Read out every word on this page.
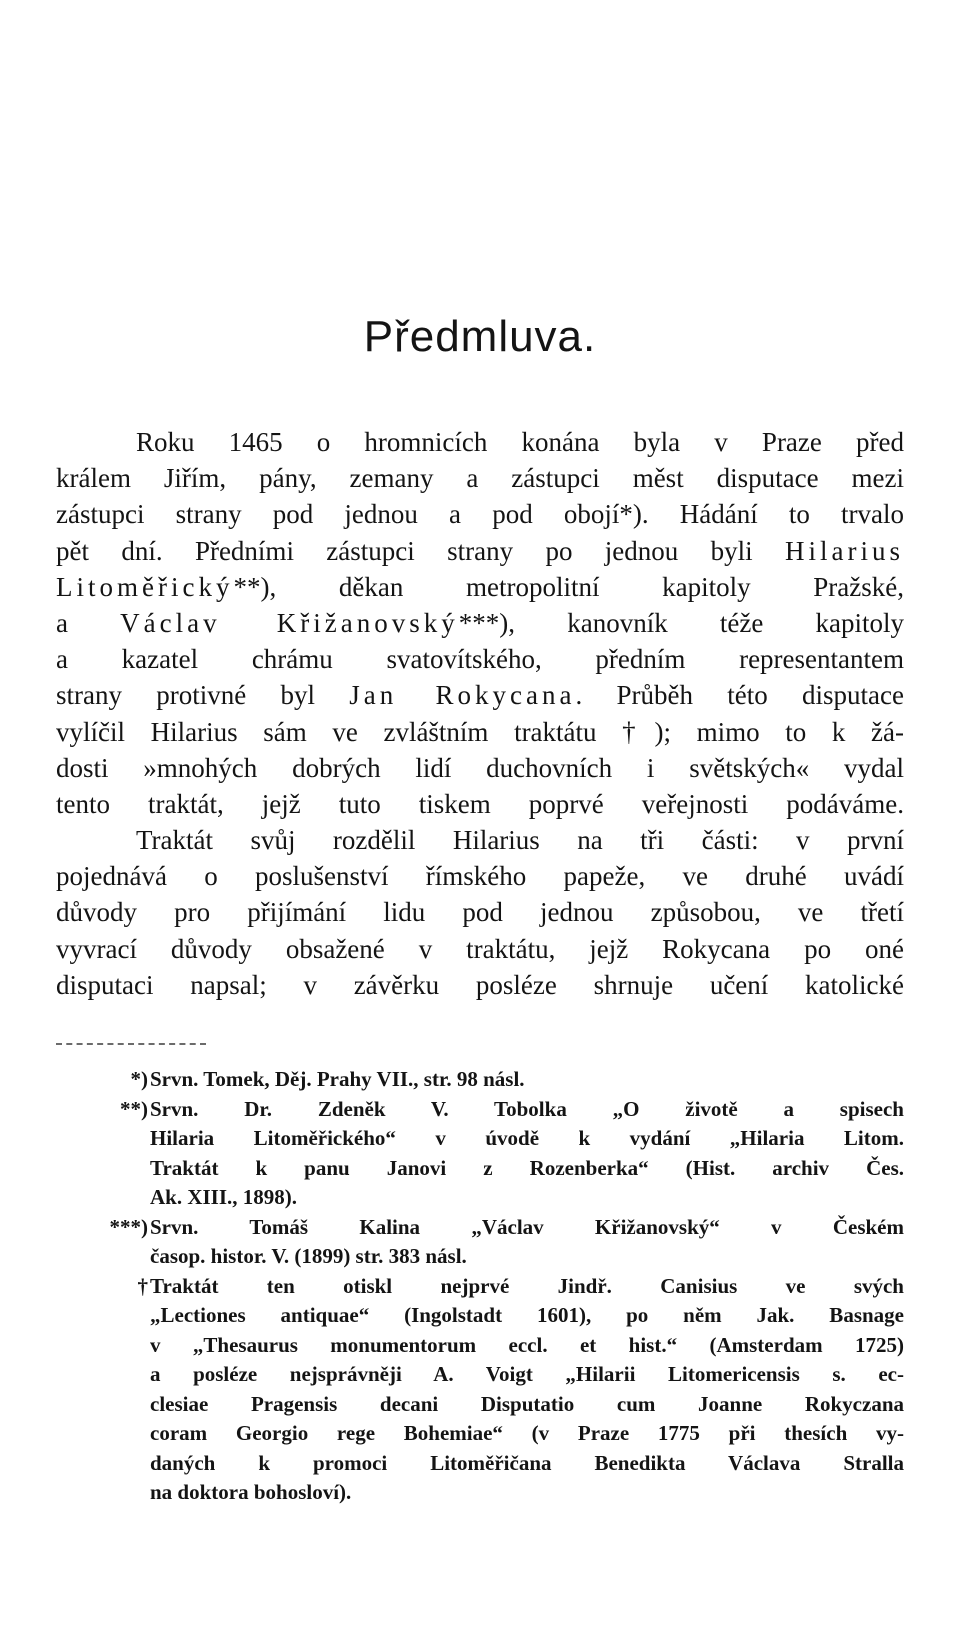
Předmluva.
Roku 1465 o hromnicích konána byla v Praze před
králem Jiřím, pány, zemany a zástupci měst disputace mezi
zástupci strany pod jednou a pod obojí*). Hádání to trvalo
pět dní. Předními zástupci strany po jednou byli Hilarius
Litoměřický**), děkan metropolitní kapitoly Pražské,
a Václav Křižanovský***), kanovník téže kapitoly
a kazatel chrámu svatovítského, předním representantem
strany protivné byl Jan Rokycana. Průběh této disputace
vylíčil Hilarius sám ve zvláštním traktátu †); mimo to k žá-
dosti »mnohých dobrých lidí duchovních i světských« vydal
tento traktát, jejž tuto tiskem poprvé veřejnosti podáváme.
Traktát svůj rozdělil Hilarius na tři části: v první
pojednává o poslušenství římského papeže, ve druhé uvádí
důvody pro přijímání lidu pod jednou způsobou, ve třetí
vyvrací důvody obsažené v traktátu, jejž Rokycana po oné
disputaci napsal; v závěrku posléze shrnuje učení katolické
*) Srvn. Tomek, Děj. Prahy VII., str. 98 násl.
**) Srvn. Dr. Zdeněk V. Tobolka „O životě a spisech
Hilaria Litoměřického“ v úvodě k vydání „Hilaria Litom.
Traktát k panu Janovi z Rozenberka“ (Hist. archiv Čes.
Ak. XIII., 1898).
***) Srvn. Tomáš Kalina „Václav Křižanovský“ v Českém
časop. histor. V. (1899) str. 383 násl.
† Traktát ten otiskl nejprvé Jindř. Canisius ve svých
„Lectiones antiquae“ (Ingolstadt 1601), po něm Jak. Basnage
v „Thesaurus monumentorum eccl. et hist.“ (Amsterdam 1725)
a posléze nejsprávněji A. Voigt „Hilarii Litomericensis s. ec-
clesiae Pragensis decani Disputatio cum Joanne Rokyczana
coram Georgio rege Bohemiae“ (v Praze 1775 při thesích vy-
daných k promoci Litoměřičana Benedikta Václava Stralla
na doktora bohosloví).
